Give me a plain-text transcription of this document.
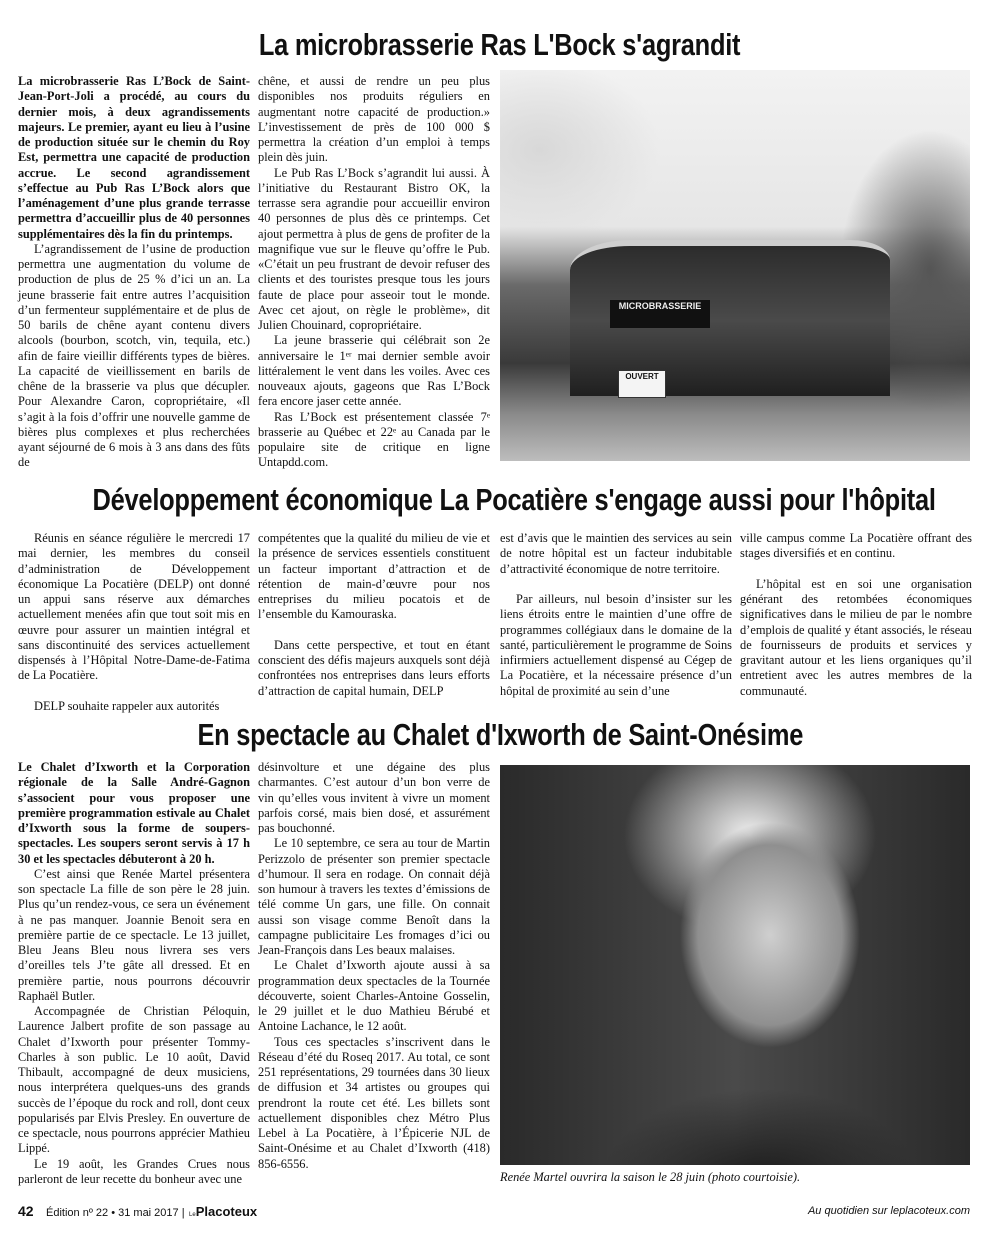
La microbrasserie Ras L'Bock s'agrandit

La microbrasserie Ras L’Bock de Saint-Jean-Port-Joli a procédé, au cours du dernier mois, à deux agrandissements majeurs. Le premier, ayant eu lieu à l’usine de production située sur le chemin du Roy Est, permettra une capacité de production accrue. Le second agrandissement s’effectue au Pub Ras L’Bock alors que l’aménagement d’une plus grande terrasse permettra d’accueillir plus de 40 personnes supplémentaires dès la fin du printemps.

L’agrandissement de l’usine de production permettra une augmentation du volume de production de plus de 25 % d’ici un an. La jeune brasserie fait entre autres l’acquisition d’un fermenteur supplémentaire et de plus de 50 barils de chêne ayant contenu divers alcools (bourbon, scotch, vin, tequila, etc.) afin de faire vieillir différents types de bières. La capacité de vieillissement en barils de chêne de la brasserie va plus que décupler. Pour Alexandre Caron, copropriétaire, «Il s’agit à la fois d’offrir une nouvelle gamme de bières plus complexes et plus recherchées ayant séjourné de 6 mois à 3 ans dans des fûts de

chêne, et aussi de rendre un peu plus disponibles nos produits réguliers en augmentant notre capacité de production.» L’investissement de près de 100 000 $ permettra la création d’un emploi à temps plein dès juin.

Le Pub Ras L’Bock s’agrandit lui aussi. À l’initiative du Restaurant Bistro OK, la terrasse sera agrandie pour accueillir environ 40 personnes de plus dès ce printemps. Cet ajout permettra à plus de gens de profiter de la magnifique vue sur le fleuve qu’offre le Pub. «C’était un peu frustrant de devoir refuser des clients et des touristes presque tous les jours faute de place pour asseoir tout le monde. Avec cet ajout, on règle le problème», dit Julien Chouinard, copropriétaire.

La jeune brasserie qui célébrait son 2e anniversaire le 1ᵉʳ mai dernier semble avoir littéralement le vent dans les voiles. Avec ces nouveaux ajouts, gageons que Ras L’Bock fera encore jaser cette année.

Ras L’Bock est présentement classée 7ᵉ brasserie au Québec et 22ᵉ au Canada par le populaire site de critique en ligne Untapdd.com.

MICROBRASSERIE
OUVERT
Développement économique La Pocatière s'engage aussi pour l'hôpital

Réunis en séance régulière le mercredi 17 mai dernier, les membres du conseil d’administration de Développement économique La Pocatière (DELP) ont donné un appui sans réserve aux démarches actuellement menées afin que tout soit mis en œuvre pour assurer un maintien intégral et sans discontinuité des services actuellement dispensés à l’Hôpital Notre-Dame-de-Fatima de La Pocatière.

DELP souhaite rappeler aux autorités

compétentes que la qualité du milieu de vie et la présence de services essentiels constituent un facteur important d’attraction et de rétention de main-d’œuvre pour nos entreprises du milieu pocatois et de l’ensemble du Kamouraska.

Dans cette perspective, et tout en étant conscient des défis majeurs auxquels sont déjà confrontées nos entreprises dans leurs efforts d’attraction de capital humain, DELP

est d’avis que le maintien des services au sein de notre hôpital est un facteur indubitable d’attractivité économique de notre territoire.

Par ailleurs, nul besoin d’insister sur les liens étroits entre le maintien d’une offre de programmes collégiaux dans le domaine de la santé, particulièrement le programme de Soins infirmiers actuellement dispensé au Cégep de La Pocatière, et la nécessaire présence d’un hôpital de proximité au sein d’une

ville campus comme La Pocatière offrant des stages diversifiés et en continu.

L’hôpital est en soi une organisation générant des retombées économiques significatives dans le milieu de par le nombre d’emplois de qualité y étant associés, le réseau de fournisseurs de produits et services y gravitant autour et les liens organiques qu’il entretient avec les autres membres de la communauté.

En spectacle au Chalet d'Ixworth de Saint-Onésime

Le Chalet d’Ixworth et la Corporation régionale de la Salle André-Gagnon s’associent pour vous proposer une première programmation estivale au Chalet d’Ixworth sous la forme de soupers-spectacles. Les soupers seront servis à 17 h 30 et les spectacles débuteront à 20 h.

C’est ainsi que Renée Martel présentera son spectacle La fille de son père le 28 juin. Plus qu’un rendez-vous, ce sera un événement à ne pas manquer. Joannie Benoit sera en première partie de ce spectacle. Le 13 juillet, Bleu Jeans Bleu nous livrera ses vers d’oreilles tels J’te gâte all dressed. Et en première partie, nous pourrons découvrir Raphaël Butler.

Accompagnée de Christian Péloquin, Laurence Jalbert profite de son passage au Chalet d’Ixworth pour présenter Tommy-Charles à son public. Le 10 août, David Thibault, accompagné de deux musiciens, nous interprétera quelques-uns des grands succès de l’époque du rock and roll, dont ceux popularisés par Elvis Presley. En ouverture de ce spectacle, nous pourrons apprécier Mathieu Lippé.

Le 19 août, les Grandes Crues nous parleront de leur recette du bonheur avec une

désinvolture et une dégaine des plus charmantes. C’est autour d’un bon verre de vin qu’elles vous invitent à vivre un moment parfois corsé, mais bien dosé, et assurément pas bouchonné.

Le 10 septembre, ce sera au tour de Martin Perizzolo de présenter son premier spectacle d’humour. Il sera en rodage. On connait déjà son humour à travers les textes d’émissions de télé comme Un gars, une fille. On connait aussi son visage comme Benoît dans la campagne publicitaire Les fromages d’ici ou Jean-François dans Les beaux malaises.

Le Chalet d’Ixworth ajoute aussi à sa programmation deux spectacles de la Tournée découverte, soient Charles-Antoine Gosselin, le 29 juillet et le duo Mathieu Bérubé et Antoine Lachance, le 12 août.

Tous ces spectacles s’inscrivent dans le Réseau d’été du Roseq 2017. Au total, ce sont 251 représentations, 29 tournées dans 30 lieux de diffusion et 34 artistes ou groupes qui prendront la route cet été. Les billets sont actuellement disponibles chez Métro Plus Lebel à La Pocatière, à l’Épicerie NJL de Saint-Onésime et au Chalet d’Ixworth (418) 856-6556.

Renée Martel ouvrira la saison le 28 juin (photo courtoisie).
42 Édition nº 22 • 31 mai 2017 | LePlacoteux	Au quotidien sur leplacoteux.com
